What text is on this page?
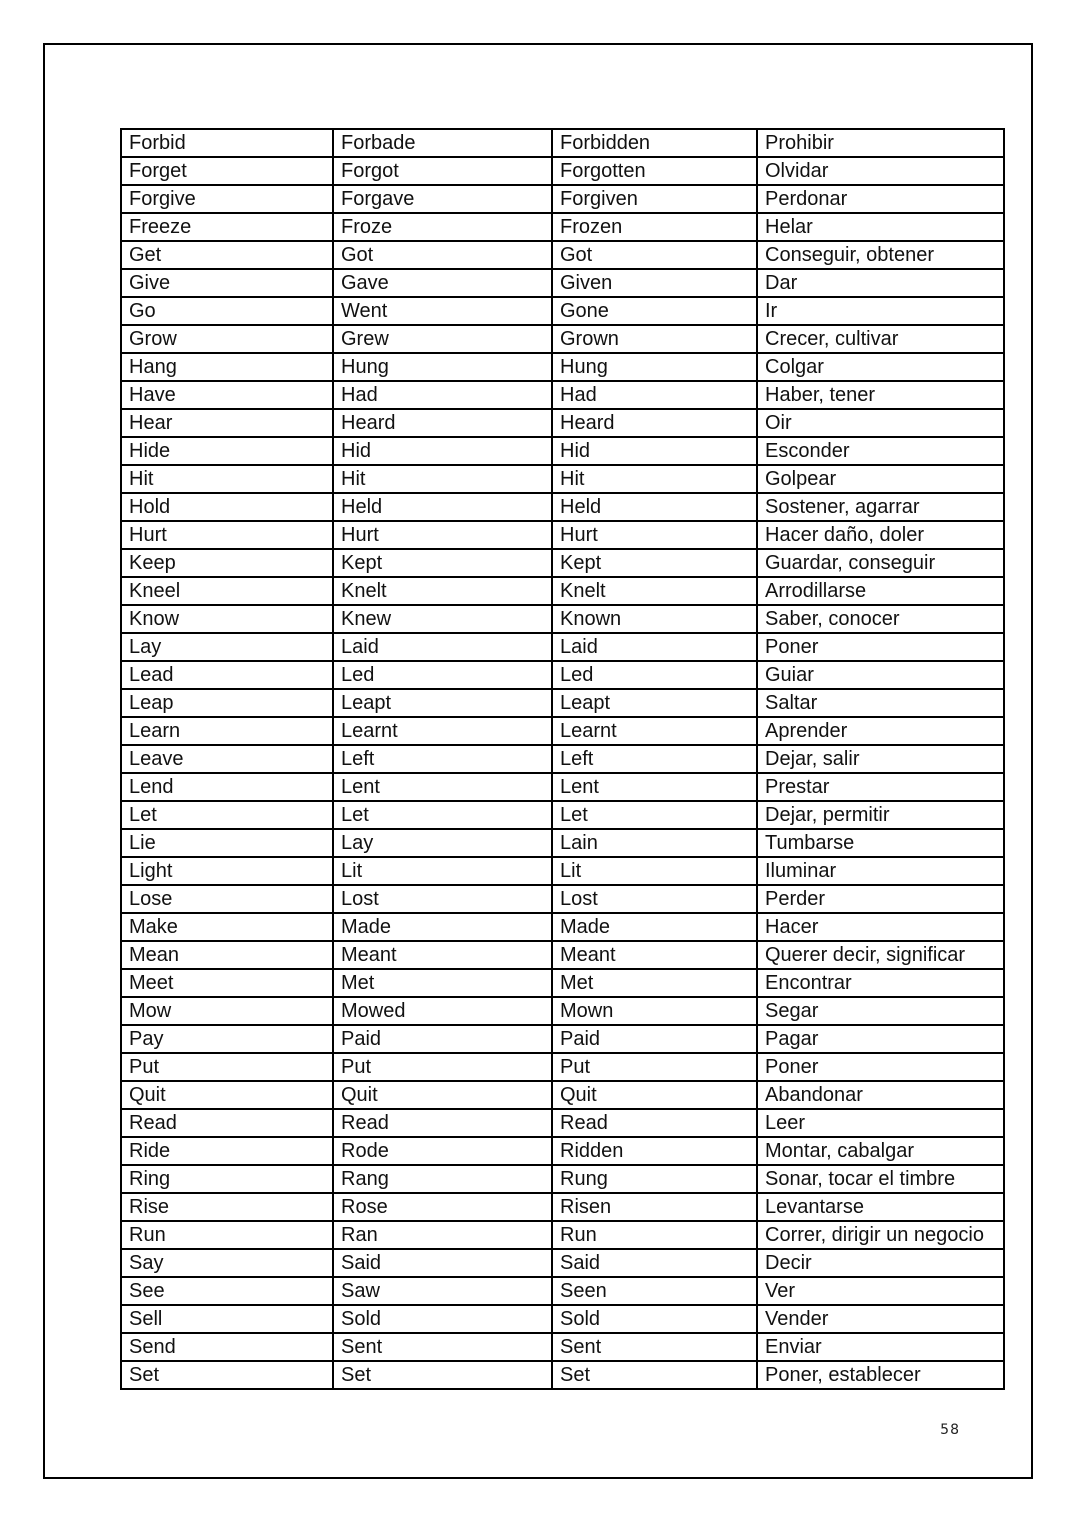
Forbid	Forbade	Forbidden	Prohibir
Forget	Forgot	Forgotten	Olvidar
Forgive	Forgave	Forgiven	Perdonar
Freeze	Froze	Frozen	Helar
Get	Got	Got	Conseguir, obtener
Give	Gave	Given	Dar
Go	Went	Gone	Ir
Grow	Grew	Grown	Crecer, cultivar
Hang	Hung	Hung	Colgar
Have	Had	Had	Haber, tener
Hear	Heard	Heard	Oir
Hide	Hid	Hid	Esconder
Hit	Hit	Hit	Golpear
Hold	Held	Held	Sostener, agarrar
Hurt	Hurt	Hurt	Hacer daño, doler
Keep	Kept	Kept	Guardar, conseguir
Kneel	Knelt	Knelt	Arrodillarse
Know	Knew	Known	Saber, conocer
Lay	Laid	Laid	Poner
Lead	Led	Led	Guiar
Leap	Leapt	Leapt	Saltar
Learn	Learnt	Learnt	Aprender
Leave	Left	Left	Dejar, salir
Lend	Lent	Lent	Prestar
Let	Let	Let	Dejar, permitir
Lie	Lay	Lain	Tumbarse
Light	Lit	Lit	Iluminar
Lose	Lost	Lost	Perder
Make	Made	Made	Hacer
Mean	Meant	Meant	Querer decir, significar
Meet	Met	Met	Encontrar
Mow	Mowed	Mown	Segar
Pay	Paid	Paid	Pagar
Put	Put	Put	Poner
Quit	Quit	Quit	Abandonar
Read	Read	Read	Leer
Ride	Rode	Ridden	Montar, cabalgar
Ring	Rang	Rung	Sonar, tocar el timbre
Rise	Rose	Risen	Levantarse
Run	Ran	Run	Correr, dirigir un negocio
Say	Said	Said	Decir
See	Saw	Seen	Ver
Sell	Sold	Sold	Vender
Send	Sent	Sent	Enviar
Set	Set	Set	Poner, establecer
58
